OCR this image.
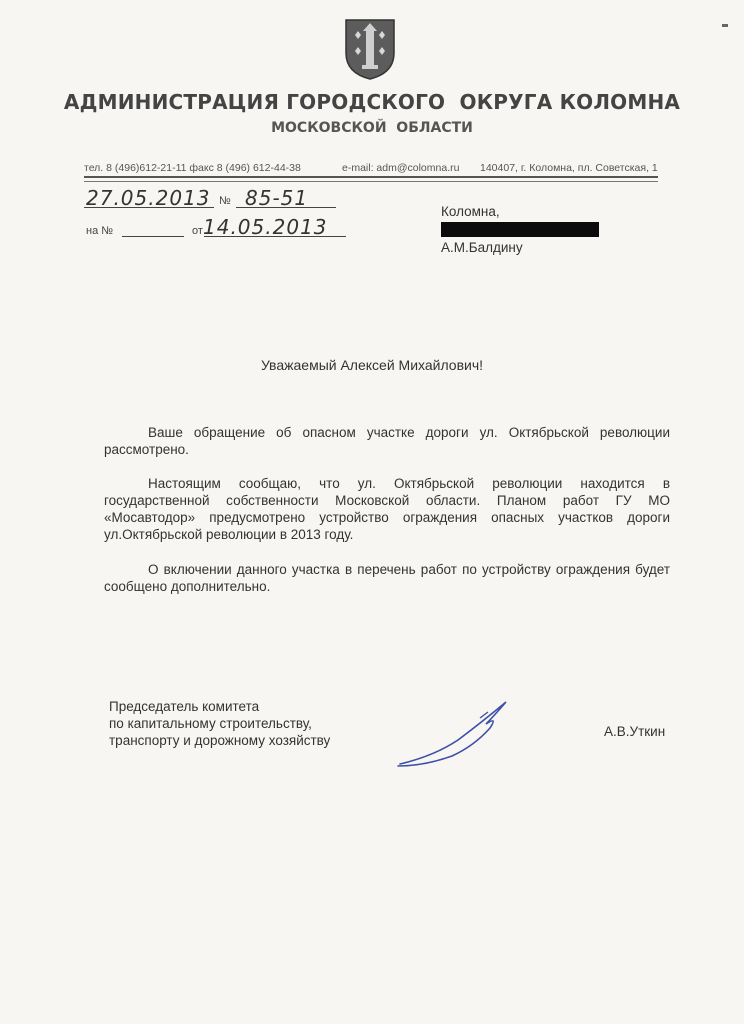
АДМИНИСТРАЦИЯ ГОРОДСКОГО  ОКРУГА КОЛОМНА
МОСКОВСКОЙ  ОБЛАСТИ
тел. 8 (496)612-21-11 факс 8 (496) 612-44-38	e-mail: adm@colomna.ru 140407, г. Коломна, пл. Советская, 1
27.05.2013 № 85-51
на №	от 14.05.2013
Коломна,
А.М.Балдину
Уважаемый Алексей Михайлович!
Ваше обращение об опасном участке дороги ул. Октябрьской революции рассмотрено.
Настоящим сообщаю, что ул. Октябрьской революции находится в государственной собственности Московской области. Планом работ ГУ МО «Мосавтодор» предусмотрено устройство ограждения опасных участков дороги ул.Октябрьской революции в 2013 году.
О включении данного участка в перечень работ по устройству ограждения будет сообщено дополнительно.
Председатель комитета
по капитальному строительству,
транспорту и дорожному хозяйству
А.В.Уткин
